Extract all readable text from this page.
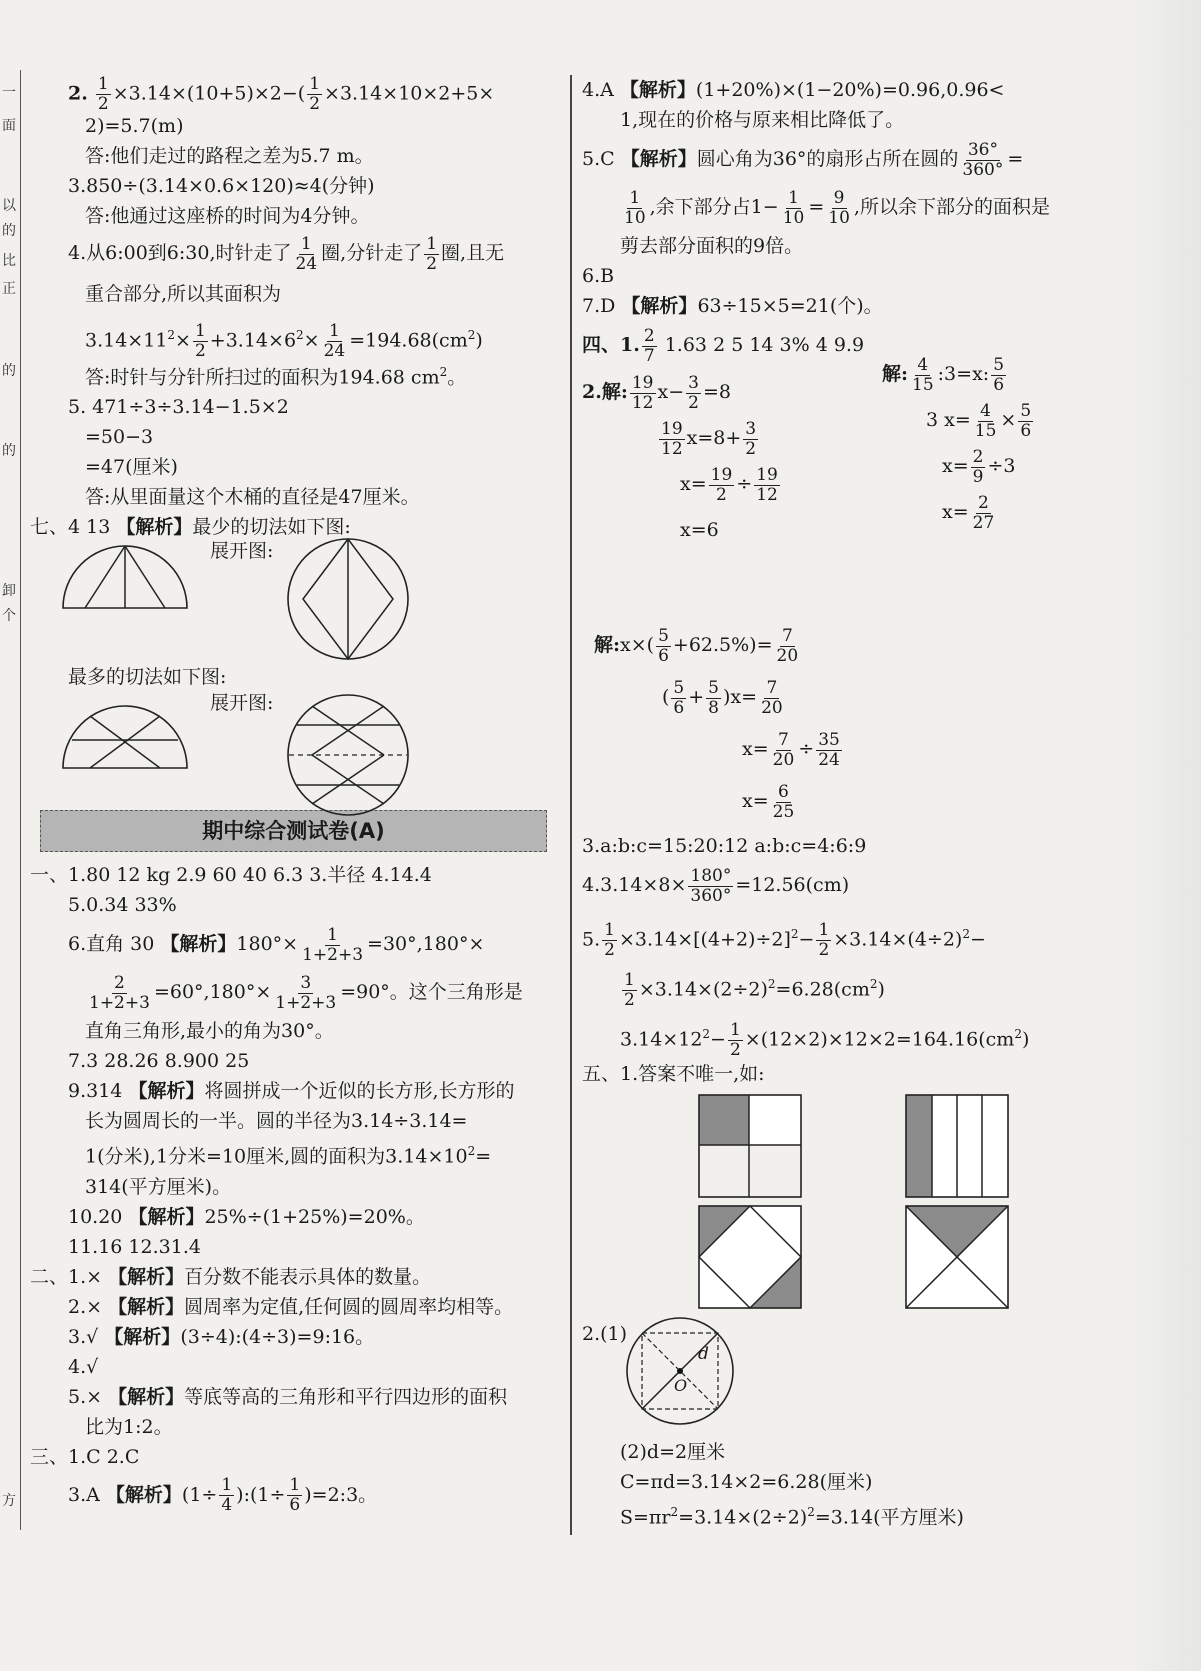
一
面
以
的
比
正
的
的
卸
个
方
2. $\frac{1}{2} \times 3.14\times(10+5)\times 2-( \frac{1}{2} \times 3.14\times 10\times 2+5\times$
2)=5.7(m)
答:他们走过的路程之差为5.7 m。
3.850÷(3.14×0.6×120)≈4(分钟)
答:他通过这座桥的时间为4分钟。
4.从6:00到6:30,时针走了 $\frac{1}{24}$ 圈,分针走了 $\frac{1}{2}$ 圈,且无
重合部分,所以其面积为
$3.14\times 11^2\times \frac{1}{2} +3.14\times 6^2\times \frac{1}{24} =194.68(cm^2)$
答:时针与分针所扫过的面积为194.68 $cm^2$。
5. 471÷3÷3.14−1.5×2
=50−3
=47(厘米)
答:从里面量这个木桶的直径是47厘米。
七、4 13 【解析】最少的切法如下图:
展开图:
最多的切法如下图:
展开图:
期中综合测试卷(A)
一、1.80 12 kg 2.9 60 40 6.3 3.半径 4.14.4
5.0.34 33%
6.直角 30 【解析】$180^\circ\times \frac{1}{1+2+3} =30^\circ,180^\circ\times$
$\frac{2}{1+2+3} =60^\circ,180^\circ\times \frac{3}{1+2+3} =90^\circ$。这个三角形是
直角三角形,最小的角为30°。
7.3 28.26 8.900 25
9.314 【解析】将圆拼成一个近似的长方形,长方形的
长为圆周长的一半。圆的半径为3.14÷3.14=
1(分米),1分米=10厘米,圆的面积为$3.14\times 10^2=$
314(平方厘米)。
10.20 【解析】25%÷(1+25%)=20%。
11.16 12.31.4
二、1.× 【解析】百分数不能表示具体的数量。
2.× 【解析】圆周率为定值,任何圆的圆周率均相等。
3.√ 【解析】(3÷4):(4÷3)=9:16。
4.√
5.× 【解析】等底等高的三角形和平行四边形的面积
比为1:2。
三、1.C 2.C
3.A 【解析】($1\div \frac{1}{4}$ ):(1÷ $\frac{1}{6}$ )=2:3。
4.A 【解析】(1+20%)×(1−20%)=0.96,0.96<
1,现在的价格与原来相比降低了。
5.C 【解析】圆心角为36°的扇形占所在圆的 $\frac{36^\circ}{360^\circ}$ =
$\frac{1}{10}$ ,余下部分占$1- \frac{1}{10} = \frac{9}{10}$ ,所以余下部分的面积是
剪去部分面积的9倍。
6.B
7.D 【解析】63÷15×5=21(个)。
四、1. $\frac{2}{7} 1.63$ 2 5 14 3% 4 9.9
2.解: $\frac{19}{12} x- \frac{3}{2} =8$
$\frac{19}{12} x=8+ \frac{3}{2}$
$x= \frac{19}{2} \div \frac{19}{12}$
x=6
解: $\frac{4}{15}$ :3=x: $\frac{5}{6}$
3 $x= \frac{4}{15} \times \frac{5}{6}$
$x= \frac{2}{9} \div 3$
$x= \frac{2}{27}$
解:x×( $\frac{5}{6} +62.5\%)= \frac{7}{20}$
( $\frac{5}{6} + \frac{5}{8} )x= \frac{7}{20}$
$x= \frac{7}{20} \div \frac{35}{24}$
$x= \frac{6}{25}$
3.a:b:c=15:20:12 a:b:c=4:6:9
$4.3.14\times 8\times \frac{180^\circ}{360^\circ} =12.56(cm)$
5. $\frac{1}{2} \times 3.14\times[(4+2)\div 2]^2- \frac{1}{2} \times 3.14\times(4\div 2)^2-$
$\frac{1}{2} \times 3.14\times(2\div 2)^2=6.28(cm^2)$
$3.14\times 12^2- \frac{1}{2} \times(12\times 2)\times 12\times 2=164.16(cm^2)$
五、1.答案不唯一,如:
2.(1)
d
O
(2)d=2厘米
C=πd=3.14×2=6.28(厘米)
$S=\pi r^2=3.14\times(2\div 2)^2=3.14$(平方厘米)
